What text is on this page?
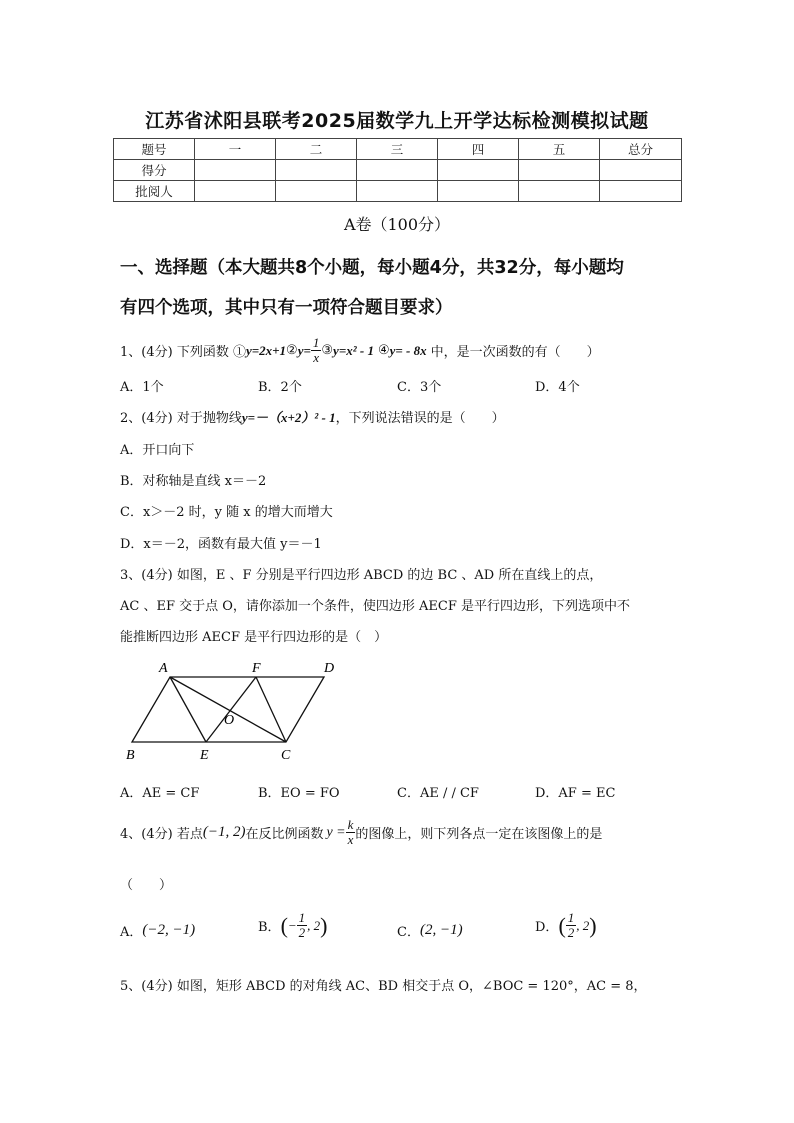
江苏省沭阳县联考2025届数学九上开学达标检测模拟试题
题号	一	二	三	四	五	总分
得分						
批阅人						
A卷（100分）
一、选择题（本大题共8个小题，每小题4分，共32分，每小题均
有四个选项，其中只有一项符合题目要求）
1、(4分) 下列函数 ① y=2x+1 ② $y= \frac{1}{x}$ ③ y=x² - 1 ④ y= - 8x 中，是一次函数的有（　　）
A．1个	B．2个	C．3个	D．4个
2、(4分) 对于抛物线y=－（x+2）² - 1，下列说法错误的是（　　）
A．开口向下
B．对称轴是直线 x＝－2
C．x＞－2 时，y 随 x 的增大而增大
D．x＝－2，函数有最大值 y＝－1
3、(4分) 如图，E 、F 分别是平行四边形 ABCD 的边 BC 、AD 所在直线上的点，
AC 、EF 交于点 O，请你添加一个条件，使四边形 AECF 是平行四边形，下列选项中不
能推断四边形 AECF 是平行四边形的是（　）
A	F	D
O
B	E	C
A．AE = CF	B．EO = FO	C．AE / / CF	D．AF = EC
4、(4分) 若点 (−1, 2) 在反比例函数 $y = \frac{k}{x}$ 的图像上，则下列各点一定在该图像上的是
（　　）
A． (−2, −1)	B． ( − $\frac{1}{2}$ , 2 )	C． (2, −1)	D． ( $\frac{1}{2}$ , 2 )
5、(4分) 如图，矩形 ABCD 的对角线 AC、BD 相交于点 O，∠BOC = 120°，AC = 8，
